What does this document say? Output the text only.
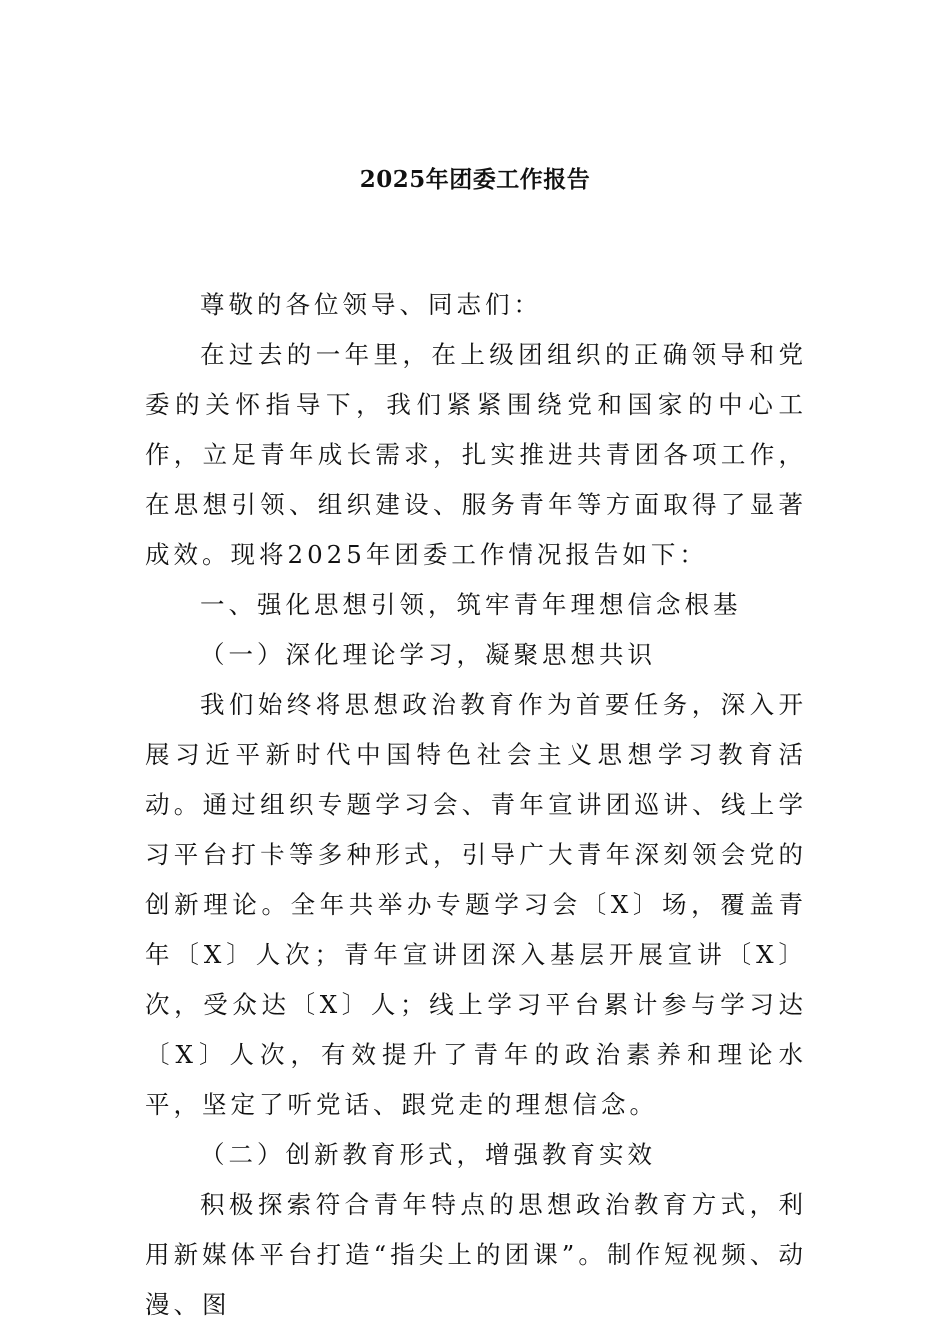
2025年团委工作报告

尊敬的各位领导、同志们：

在过去的一年里，在上级团组织的正确领导和党委的关怀指导下，我们紧紧围绕党和国家的中心工作，立足青年成长需求，扎实推进共青团各项工作，在思想引领、组织建设、服务青年等方面取得了显著成效。现将2025年团委工作情况报告如下：

一、强化思想引领，筑牢青年理想信念根基

（一）深化理论学习，凝聚思想共识

我们始终将思想政治教育作为首要任务，深入开展习近平新时代中国特色社会主义思想学习教育活动。通过组织专题学习会、青年宣讲团巡讲、线上学习平台打卡等多种形式，引导广大青年深刻领会党的创新理论。全年共举办专题学习会〔X〕场，覆盖青年〔X〕人次；青年宣讲团深入基层开展宣讲〔X〕次，受众达〔X〕人；线上学习平台累计参与学习达〔X〕人次，有效提升了青年的政治素养和理论水平，坚定了听党话、跟党走的理想信念。

（二）创新教育形式，增强教育实效

积极探索符合青年特点的思想政治教育方式，利用新媒体平台打造“指尖上的团课”。制作短视频、动漫、图
